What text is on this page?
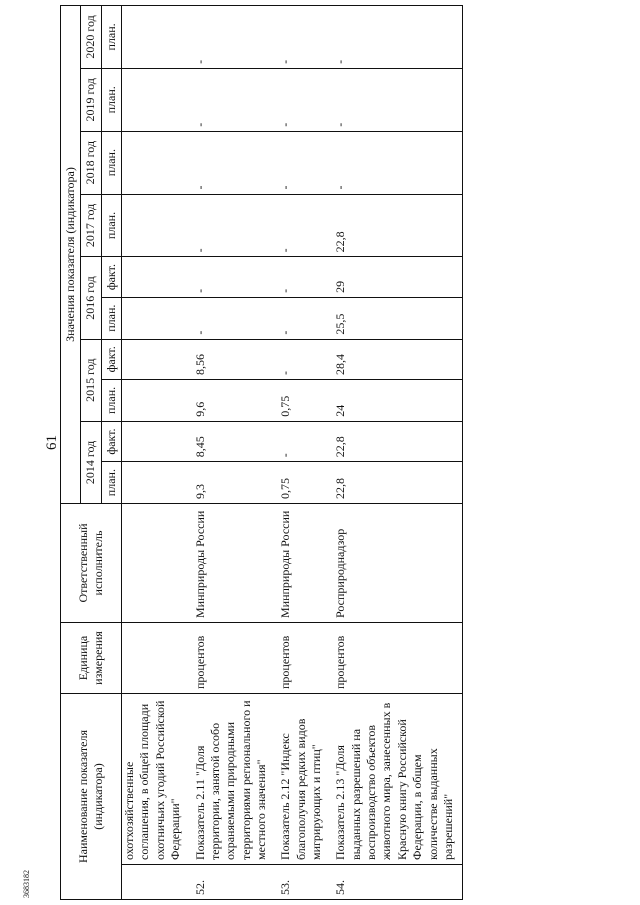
61
3683182
Наименование показателя (индикатора)		Единица измерения	Ответственный исполнитель	Значения показателя (индикатора)									
				2014 год		2015 год		2016 год		2017 год	2018 год	2019 год	2020 год
				план.	факт.	план.	факт.	план.	факт.	план.	план.	план.	план.
	охотхозяйственные соглашения, в общей площади охотничьих угодий Российской Федерации"												
52.	Показатель 2.11 "Доля территории, занятой особо охраняемыми природными территориями регионального и местного значения"	процентов	Минприроды России	9,3	8,45	9,6	8,56	-	-	-	-	-	-
53.	Показатель 2.12 "Индекс благополучия редких видов мигрирующих и птиц"	процентов	Минприроды России	0,75	-	0,75	-	-	-	-	-	-	-
54.	Показатель 2.13 "Доля выданных разрешений на воспроизводство объектов животного мира, занесенных в Красную книгу Российской Федерации, в общем количестве выданных разрешений"	процентов	Росприроднадзор	22,8	22,8	24	28,4	25,5	29	22,8	-	-	-
